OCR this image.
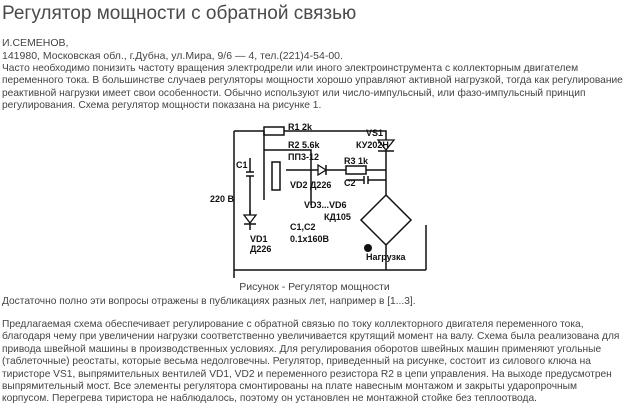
Регулятор мощности с обратной связью
И.СЕМЕНОВ,
141980, Московская обл., г.Дубна, ул.Мира, 9/6 — 4, тел.(221)4-54-00.

Часто необходимо понизить частоту вращения электродрели или иного электроинструмента с коллекторным двигателем переменного тока. В большинстве случаев регуляторы мощности хорошо управляют активной нагрузкой, тогда как регулирование реактивной нагрузки имеет свои особенности. Обычно используют или число-импульсный, или фазо-импульсный принцип регулирования. Схема регулятор мощности показана на рисунке 1.

R1 2k
R2 5.6k
ПП3-12
C1
220 В
VD1
Д226
VD2 Д226
VS1
КУ202Н
R3 1k
C2
VD3...VD6
КД105
C1,C2
0.1х160В
Нагрузка
Рисунок - Регулятор мощности

Достаточно полно эти вопросы отражены в публикациях разных лет, например в [1...3].

Предлагаемая схема обеспечивает регулирование с обратной связью по току коллекторного двигателя переменного тока, благодаря чему при увеличении нагрузки соответственно увеличивается крутящий момент на валу. Схема была реализована для привода швейной машины в производственных условиях. Для регулирования оборотов швейных машин применяют угольные (таблеточные) реостаты, которые весьма недолговечны. Регулятор, приведенный на рисунке, состоит из силового ключа на тиристоре VS1, выпрямительных вентилей VD1, VD2 и переменного резистора R2 в цепи управления. На выходе предусмотрен выпрямительный мост. Все элементы регулятора смонтированы на плате навесным монтажом и закрыты ударопрочным корпусом. Перегрева тиристора не наблюдалось, поэтому он установлен не монтажной стойке без теплоотвода.
